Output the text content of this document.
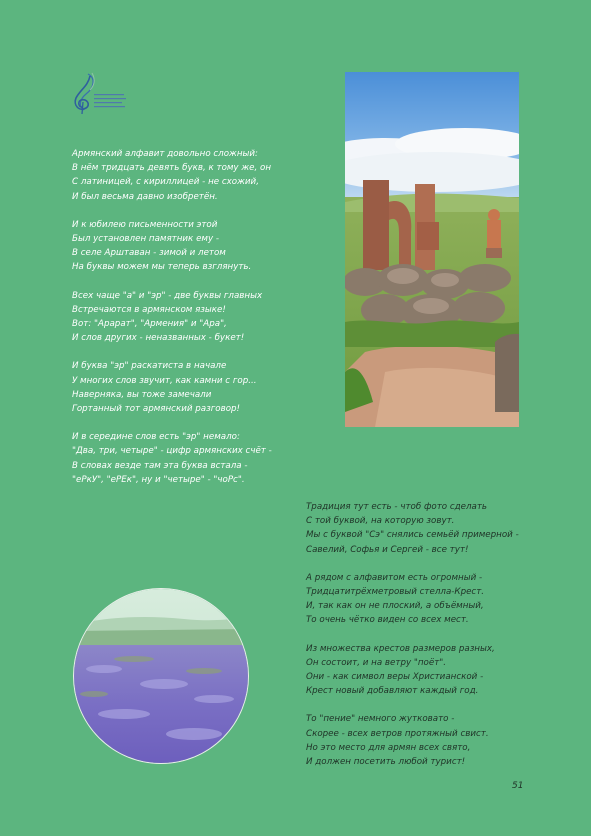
Армянский алфавит довольно сложный:
В нём тридцать девять букв, к тому же, он
С латиницей, с кириллицей - не схожий,
И был весьма давно изобретён.
И к юбилею письменности этой
Был установлен памятник ему -
В селе Арштаван - зимой и летом
На буквы можем мы теперь взглянуть.
Всех чаще "а" и "эр" - две буквы главных
Встречаются в армянском языке!
Вот: "Арарат", "Армения" и "Ара",
И слов других - неназванных - букет!
И буква "эр" раскатиста в начале
У многих слов звучит, как камни с гор...
Наверняка, вы тоже замечали
Гортанный тот армянский разговор!
И в середине слов есть "эр" немало:
"Два, три, четыре" - цифр армянских счёт -
В словах везде там эта буква встала -
"еРкУ", "еРЕк", ну и "четыре" - "чоРс".
Традиция тут есть - чтоб фото сделать
С той буквой, на которую зовут.
Мы с буквой "Сэ" снялись семьёй примерной -
Савелий, Софья и Сергей - все тут!
А рядом с алфавитом есть огромный -
Тридцатитрёхметровый стелла-Крест.
И, так как он не плоский, а объёмный,
То очень чётко виден со всех мест.
Из множества крестов размеров разных,
Он состоит, и на ветру "поёт".
Они - как символ веры Христианской -
Крест новый добавляют каждый год.
То "пение" немного жутковато -
Скорее - всех ветров протяжный свист.
Но это место для армян всех свято,
И должен посетить любой турист!
51
